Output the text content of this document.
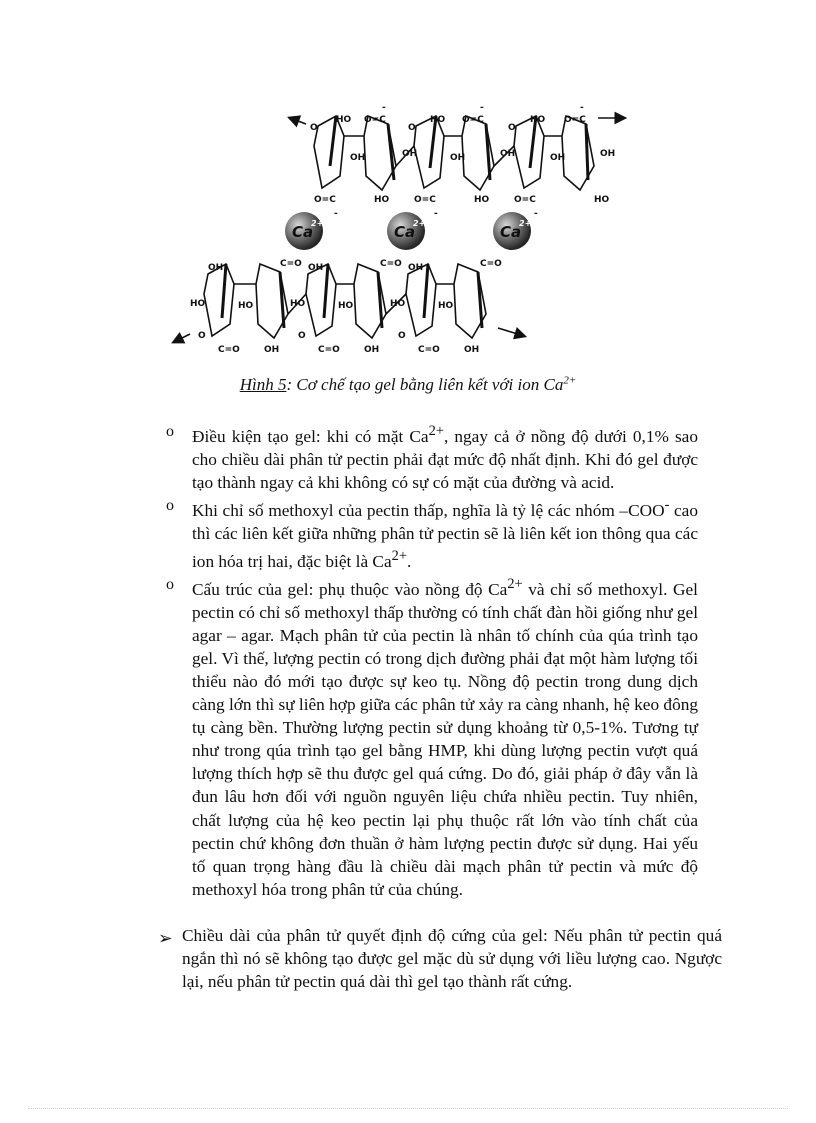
HO O=C	HO O=C	HO O=C
OH	OH	OH	OH	OH	OH
O=C	HO	O=C	HO	O=C	HO
OH	C=O OH	C=O OH	C=O
HO	HO	HO	HO	HO	HO
C=O	OH	C=O	OH	C=O	OH
O	O	O
O	O	O
-	-	-
-	-	-
Ca
2+	Ca
2+	Ca
2+
Hình 5: Cơ chế tạo gel bằng liên kết với ion $Ca^{2+}$
o	Điều kiện tạo gel: khi có mặt $Ca^{2+}$, ngay cả ở nồng độ dưới 0,1% sao cho chiều dài phân tử pectin phải đạt mức độ nhất định. Khi đó gel được tạo thành ngay cả khi không có sự có mặt của đường và acid.
o	Khi chỉ số methoxyl của pectin thấp, nghĩa là tỷ lệ các nhóm –COO- cao thì các liên kết giữa những phân tử pectin sẽ là liên kết ion thông qua các ion hóa trị hai, đặc biệt là $Ca^{2+}$.
o	Cấu trúc của gel: phụ thuộc vào nồng độ $Ca^{2+}$ và chỉ số methoxyl. Gel pectin có chỉ số methoxyl thấp thường có tính chất đàn hồi giống như gel agar – agar. Mạch phân tử của pectin là nhân tố chính của qúa trình tạo gel. Vì thế, lượng pectin có trong dịch đường phải đạt một hàm lượng tối thiểu nào đó mới tạo được sự keo tụ. Nồng độ pectin trong dung dịch càng lớn thì sự liên hợp giữa các phân tử xảy ra càng nhanh, hệ keo đông tụ càng bền. Thường lượng pectin sử dụng khoảng từ 0,5-1%. Tương tự như trong qúa trình tạo gel bằng HMP, khi dùng lượng pectin vượt quá lượng thích hợp sẽ thu được gel quá cứng. Do đó, giải pháp ở đây vẫn là đun lâu hơn đối với nguồn nguyên liệu chứa nhiều pectin. Tuy nhiên, chất lượng của hệ keo pectin lại phụ thuộc rất lớn vào tính chất của pectin chứ không đơn thuần ở hàm lượng pectin được sử dụng. Hai yếu tố quan trọng hàng đầu là chiều dài mạch phân tử pectin và mức độ methoxyl hóa trong phân tử của chúng.
➢ Chiều dài của phân tử quyết định độ cứng của gel: Nếu phân tử pectin quá ngắn thì nó sẽ không tạo được gel mặc dù sử dụng với liều lượng cao. Ngược lại, nếu phân tử pectin quá dài thì gel tạo thành rất cứng.
